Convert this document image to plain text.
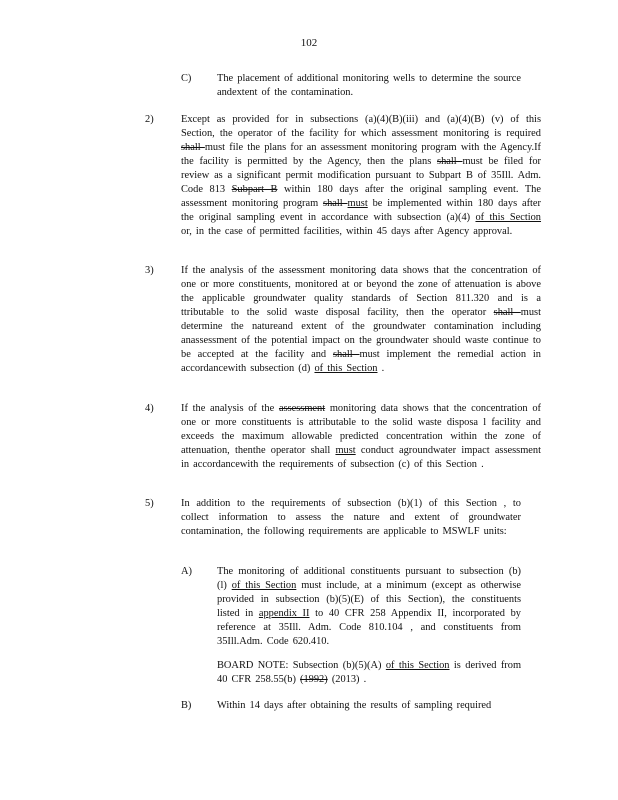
102
C) The placement of additional monitoring wells to determine the source andextent of the contamination.
2)	Except as provided for in subsections (a)(4)(B)(iii) and (a)(4)(B) (v) of this Section, the operator of the facility for which assessment monitoring is required shall must file the plans for an assessment monitoring program with the Agency.If the facility is permitted by the Agency, then the plans shall must be filed for review as a significant permit modification pursuant to Subpart B of 35Ill. Adm. Code 813 Subpart B within 180 days after the original sampling event. The assessment monitoring program shall must be implemented within 180 days after the original sampling event in accordance with subsection (a)(4) of this Section or, in the case of permitted facilities, within 45 days after Agency approval.
3)	If the analysis of the assessment monitoring data shows that the concentration of one or more constituents, monitored at or beyond the zone of attenuation is above the applicable groundwater quality standards of Section 811.320 and is a ttributable to the solid waste disposal facility, then the operator shall must determine the natureand extent of the groundwater contamination including anassessment of the potential impact on the groundwater should waste continue to be accepted at the facility and shall must implement the remedial action in accordancewith subsection (d) of this Section .
4)	If the analysis of the assessment monitoring data shows that the concentration of one or more constituents is attributable to the solid waste disposa l facility and exceeds the maximum allowable predicted concentration within the zone of attenuation, thenthe operator shall must conduct agroundwater impact assessment in accordancewith the requirements of subsection (c) of this Section .
5)	In addition to the requirements of subsection (b)(1) of this Section , to collect information to assess the nature and extent of groundwater contamination, the following requirements are applicable to MSWLF units:
A) The monitoring of additional constituents pursuant to subsection (b)(l) of this Section must include, at a minimum (except as otherwise provided in subsection (b)(5)(E) of this Section), the constituents listed in appendix II to 40 CFR 258 Appendix II, incorporated by reference at 35Ill. Adm. Code 810.104 , and constituents from 35Ill.Adm. Code 620.410.
BOARD NOTE: Subsection (b)(5)(A) of this Section is derived from 40 CFR 258.55(b) (1992) (2013) .
B) Within 14 days after obtaining the results of sampling required
